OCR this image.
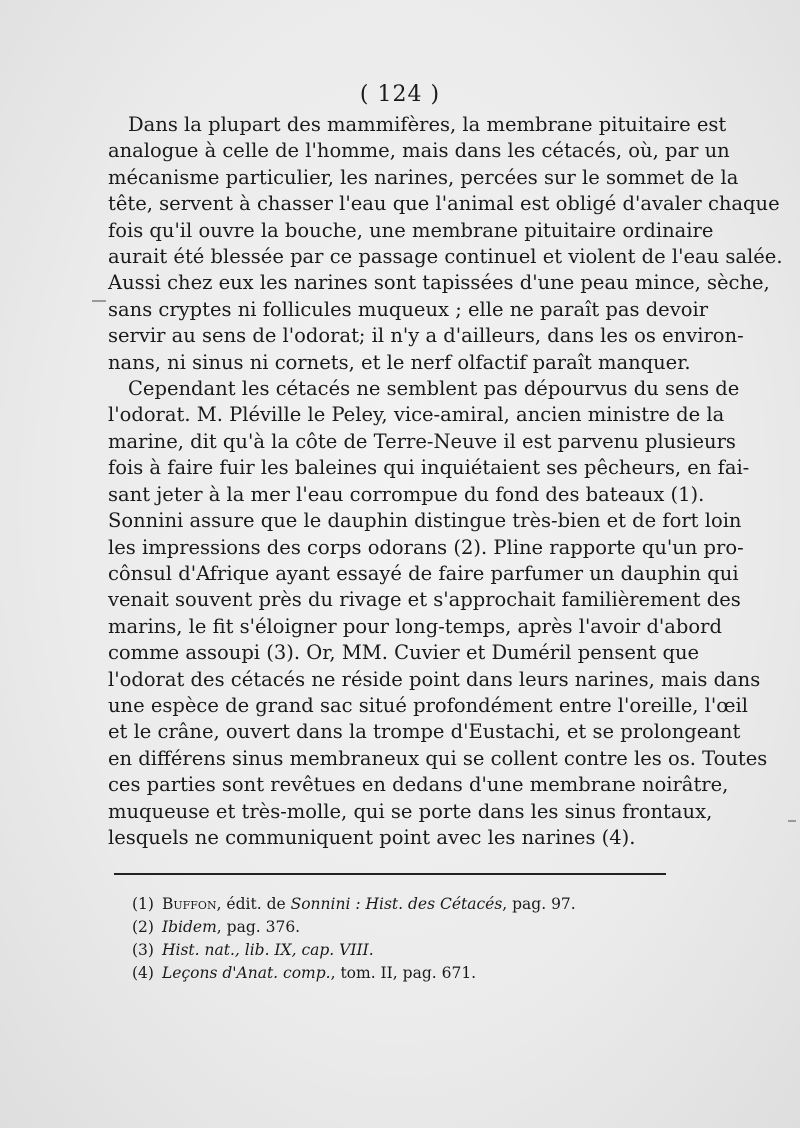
( 124 )
Dans la plupart des mammifères, la membrane pituitaire est
analogue à celle de l'homme, mais dans les cétacés, où, par un
mécanisme particulier, les narines, percées sur le sommet de la
tête, servent à chasser l'eau que l'animal est obligé d'avaler chaque
fois qu'il ouvre la bouche, une membrane pituitaire ordinaire
aurait été blessée par ce passage continuel et violent de l'eau salée.
Aussi chez eux les narines sont tapissées d'une peau mince, sèche,
sans cryptes ni follicules muqueux ; elle ne paraît pas devoir
servir au sens de l'odorat; il n'y a d'ailleurs, dans les os environ-
nans, ni sinus ni cornets, et le nerf olfactif paraît manquer.
Cependant les cétacés ne semblent pas dépourvus du sens de
l'odorat. M. Pléville le Peley, vice-amiral, ancien ministre de la
marine, dit qu'à la côte de Terre-Neuve il est parvenu plusieurs
fois à faire fuir les baleines qui inquiétaient ses pêcheurs, en fai-
sant jeter à la mer l'eau corrompue du fond des bateaux (1).
Sonnini assure que le dauphin distingue très-bien et de fort loin
les impressions des corps odorans (2). Pline rapporte qu'un pro-
cônsul d'Afrique ayant essayé de faire parfumer un dauphin qui
venait souvent près du rivage et s'approchait familièrement des
marins, le fit s'éloigner pour long-temps, après l'avoir d'abord
comme assoupi (3). Or, MM. Cuvier et Duméril pensent que
l'odorat des cétacés ne réside point dans leurs narines, mais dans
une espèce de grand sac situé profondément entre l'oreille, l'œil
et le crâne, ouvert dans la trompe d'Eustachi, et se prolongeant
en différens sinus membraneux qui se collent contre les os. Toutes
ces parties sont revêtues en dedans d'une membrane noirâtre,
muqueuse et très-molle, qui se porte dans les sinus frontaux,
lesquels ne communiquent point avec les narines (4).
(1) Buffon, édit. de Sonnini : Hist. des Cétacés, pag. 97.
(2) Ibidem, pag. 376.
(3) Hist. nat., lib. IX, cap. VIII.
(4) Leçons d'Anat. comp., tom. II, pag. 671.
